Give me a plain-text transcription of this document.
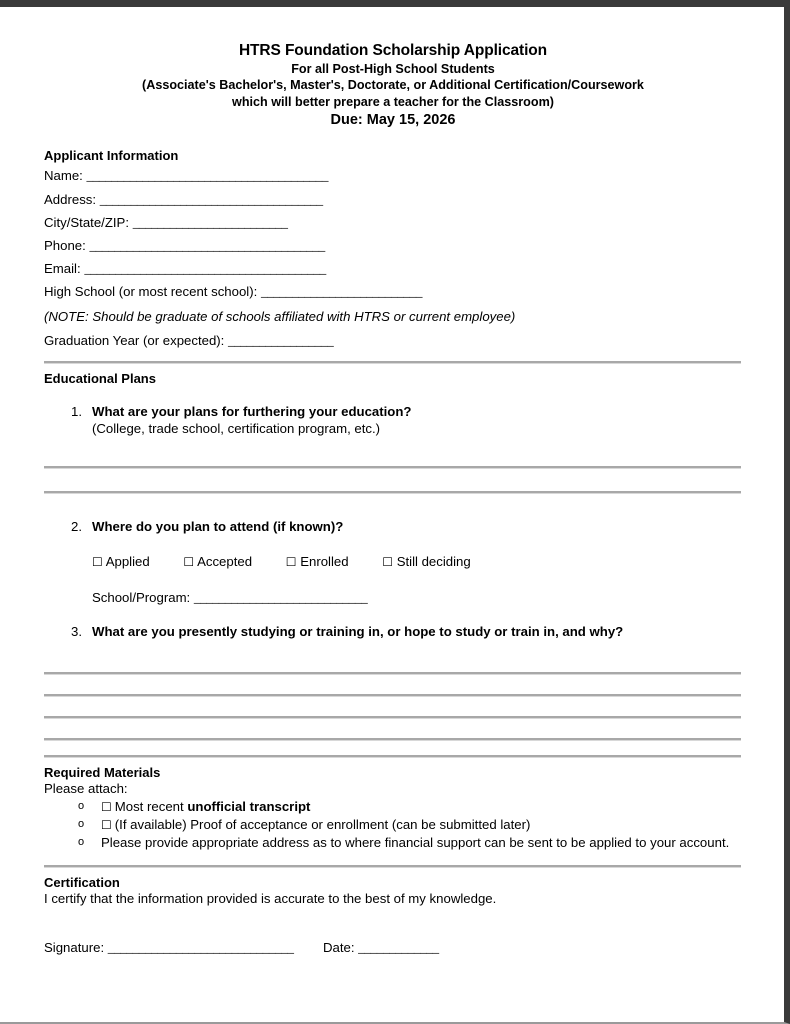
HTRS Foundation Scholarship Application
For all Post-High School Students
(Associate's Bachelor's, Master's, Doctorate, or Additional Certification/Coursework
which will better prepare a teacher for the Classroom)
Due: May 15, 2026
Applicant Information
Name: _______________________________________
Address: ____________________________________
City/State/ZIP: _________________________
Phone: ______________________________________
Email: _______________________________________
High School (or most recent school): __________________________
(NOTE: Should be graduate of schools affiliated with HTRS or current employee)
Graduation Year (or expected): _________________
Educational Plans
1. What are your plans for furthering your education?
(College, trade school, certification program, etc.)
2. Where do you plan to attend (if known)?
☐ Applied	☐ Accepted	☐ Enrolled	☐ Still deciding
School/Program: ____________________________
3. What are you presently studying or training in, or hope to study or train in, and why?
Required Materials
Please attach:
o ☐ Most recent unofficial transcript
o ☐ (If available) Proof of acceptance or enrollment (can be submitted later)
o Please provide appropriate address as to where financial support can be sent to be applied to your account.
Certification
I certify that the information provided is accurate to the best of my knowledge.
Signature: ______________________________ Date: _____________
